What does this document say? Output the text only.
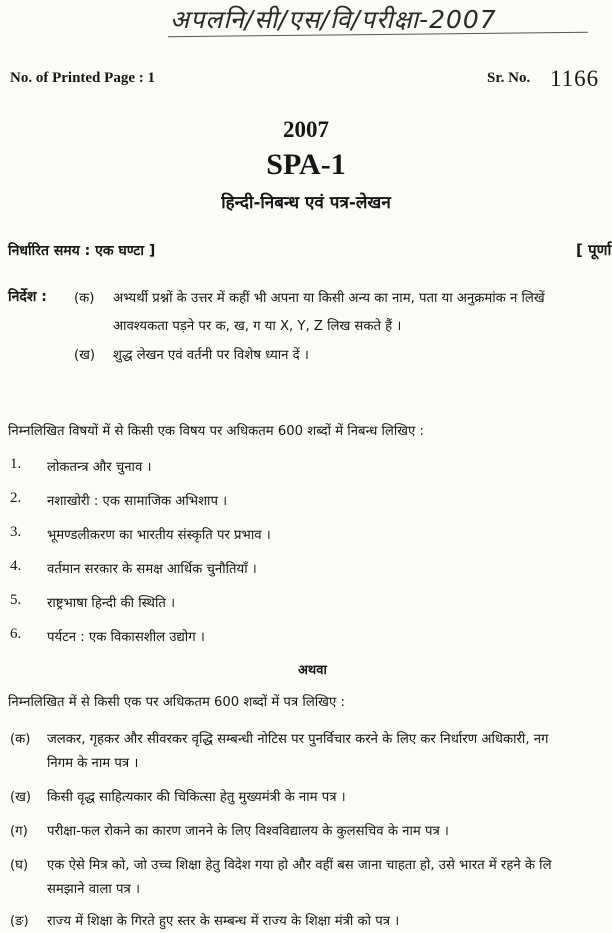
अपलनि/सी/एस/वि/परीक्षा-2007
No. of Printed Page : 1	Sr. No. 1166
2007
SPA-1
हिन्दी-निबन्ध एवं पत्र-लेखन
निर्धारित समय : एक घण्टा ]	[ पूर्णा
निर्देश : (क) अभ्यर्थी प्रश्नों के उत्तर में कहीं भी अपना या किसी अन्य का नाम, पता या अनुक्रमांक न लिखें
आवश्यकता पड़ने पर क, ख, ग या X, Y, Z लिख सकते हैं ।
(ख) शुद्ध लेखन एवं वर्तनी पर विशेष ध्यान दें ।
निम्नलिखित विषयों में से किसी एक विषय पर अधिकतम 600 शब्दों में निबन्ध लिखिए :
1. लोकतन्त्र और चुनाव ।
2. नशाखोरी : एक सामाजिक अभिशाप ।
3. भूमण्डलीकरण का भारतीय संस्कृति पर प्रभाव ।
4. वर्तमान सरकार के समक्ष आर्थिक चुनौतियाँ ।
5. राष्ट्रभाषा हिन्दी की स्थिति ।
6. पर्यटन : एक विकासशील उद्योग ।
अथवा
निम्नलिखित में से किसी एक पर अधिकतम 600 शब्दों में पत्र लिखिए :
(क) जलकर, गृहकर और सीवरकर वृद्धि सम्बन्धी नोटिस पर पुनर्विचार करने के लिए कर निर्धारण अधिकारी, नग
निगम के नाम पत्र ।
(ख) किसी वृद्ध साहित्यकार की चिकित्सा हेतु मुख्यमंत्री के नाम पत्र ।
(ग) परीक्षा-फल रोकने का कारण जानने के लिए विश्वविद्यालय के कुलसचिव के नाम पत्र ।
(घ) एक ऐसे मित्र को, जो उच्च शिक्षा हेतु विदेश गया हो और वहीं बस जाना चाहता हो, उसे भारत में रहने के लि
समझाने वाला पत्र ।
(ङ) राज्य में शिक्षा के गिरते हुए स्तर के सम्बन्ध में राज्य के शिक्षा मंत्री को पत्र ।
